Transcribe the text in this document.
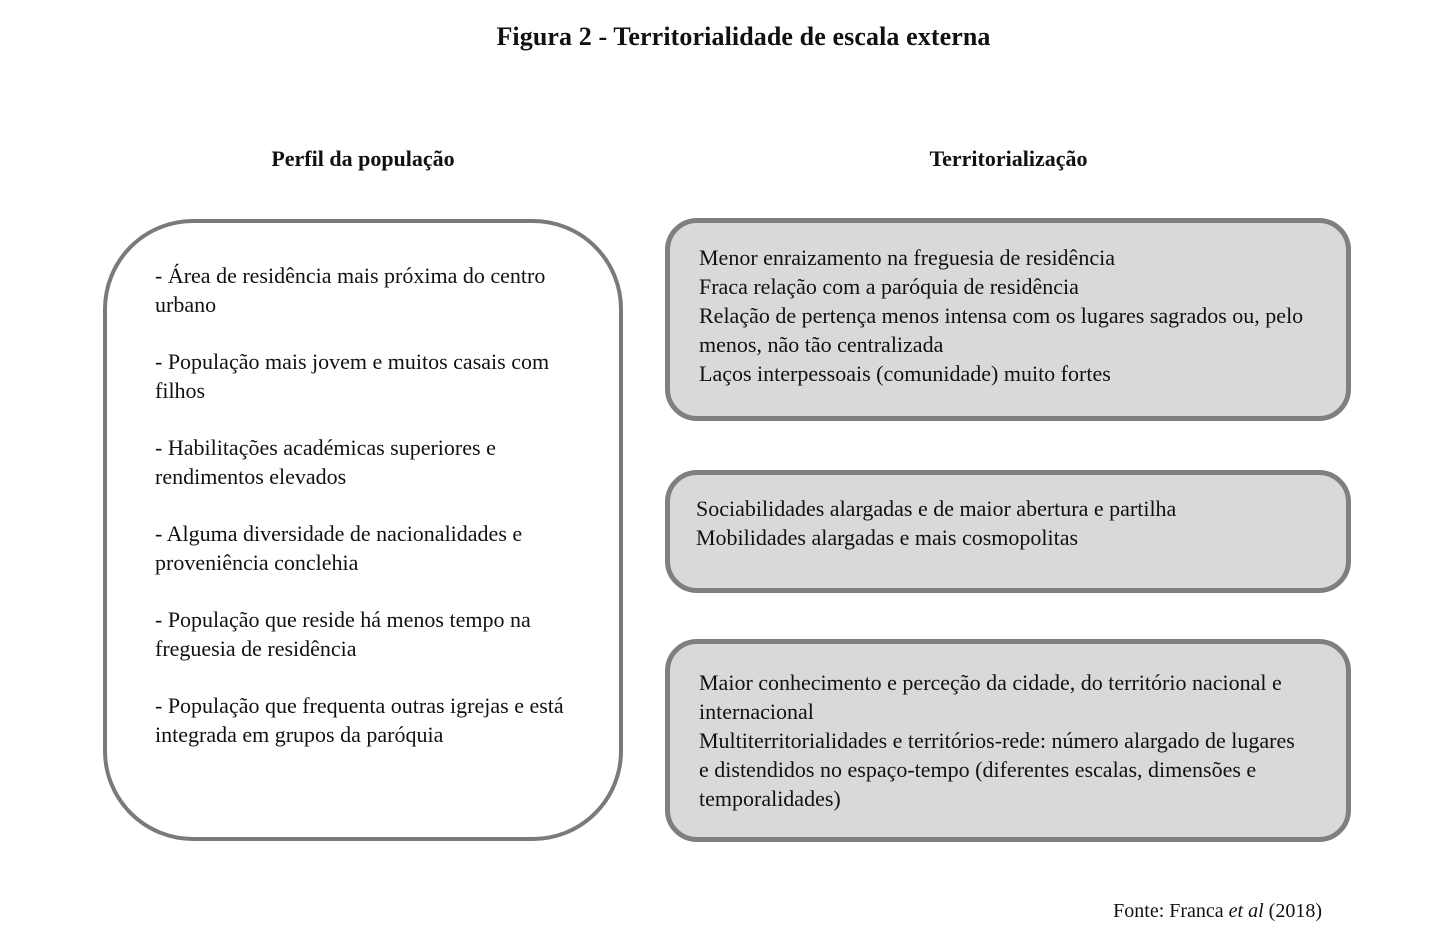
Figura 2 - Territorialidade de escala externa
Perfil da população	Territorialização
- Área de residência mais próxima do centro urbano
- População mais jovem e muitos casais com filhos
- Habilitações académicas superiores e rendimentos elevados
- Alguma diversidade de nacionalidades e proveniência conclehia
- População que reside há menos tempo na freguesia de residência
- População que frequenta outras igrejas e está integrada em grupos da paróquia
Menor enraizamento na freguesia de residência
Fraca relação com a paróquia de residência
Relação de pertença menos intensa com os lugares sagrados ou, pelo menos, não tão centralizada
Laços interpessoais (comunidade) muito fortes
Sociabilidades alargadas e de maior abertura e partilha
Mobilidades alargadas e mais cosmopolitas
Maior conhecimento e perceção da cidade, do território nacional e internacional
Multiterritorialidades e territórios-rede: número alargado de lugares e distendidos no espaço-tempo (diferentes escalas, dimensões e temporalidades)
Fonte: Franca et al (2018)
